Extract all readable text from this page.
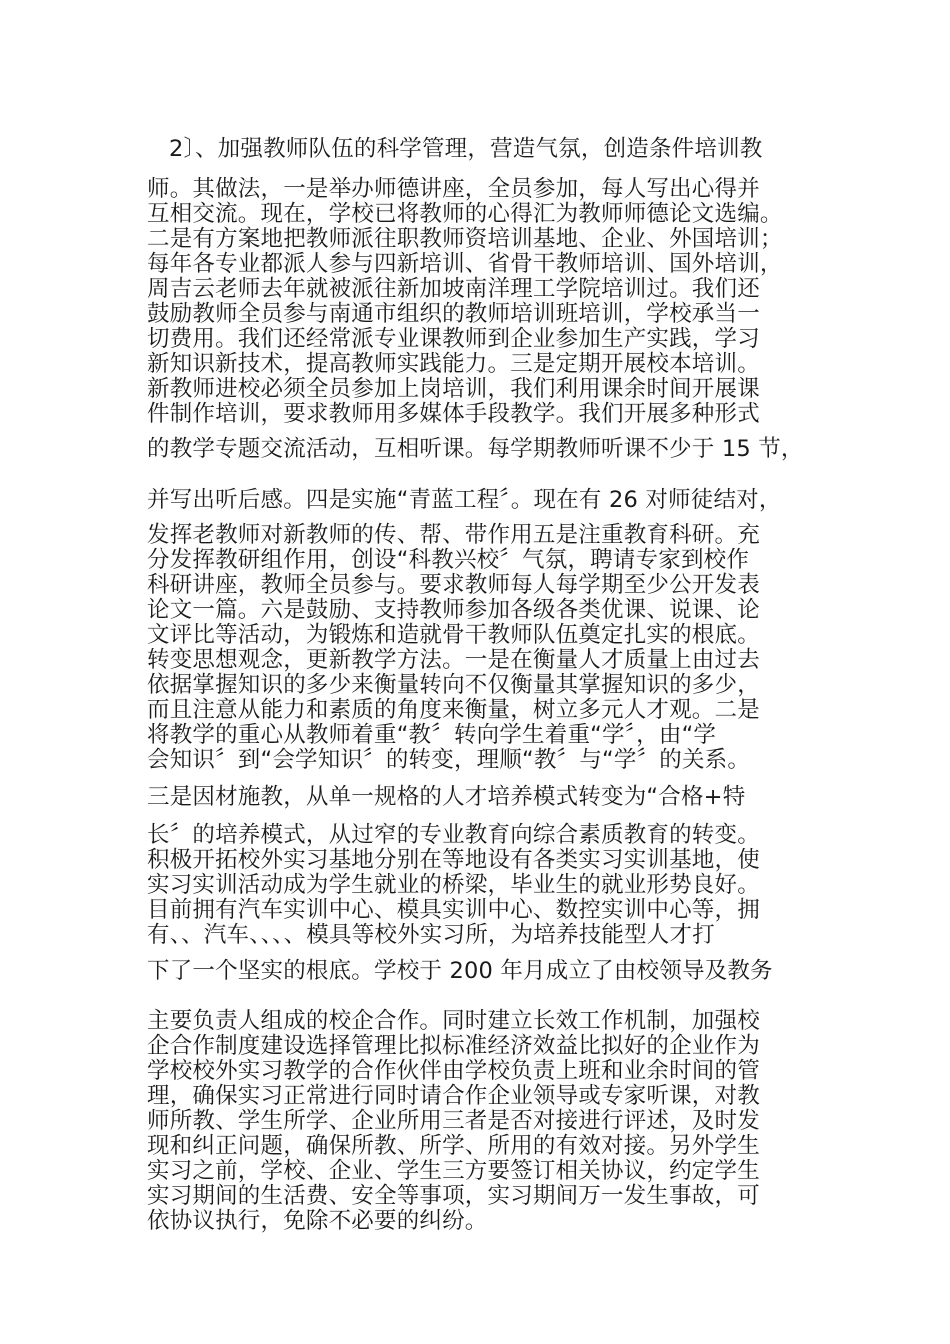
2〕、加强教师队伍的科学管理，营造气氛，创造条件培训教
师。其做法，一是举办师德讲座，全员参加，每人写出心得并
互相交流。现在，学校已将教师的心得汇为教师师德论文选编。
二是有方案地把教师派往职教师资培训基地、企业、外国培训；
每年各专业都派人参与四新培训、省骨干教师培训、国外培训，
周吉云老师去年就被派往新加坡南洋理工学院培训过。我们还
鼓励教师全员参与南通市组织的教师培训班培训，学校承当一
切费用。我们还经常派专业课教师到企业参加生产实践，学习
新知识新技术，提高教师实践能力。三是定期开展校本培训。
新教师进校必须全员参加上岗培训，我们利用课余时间开展课
件制作培训，要求教师用多媒体手段教学。我们开展多种形式
的教学专题交流活动，互相听课。每学期教师听课不少于 15 节，
并写出听后感。四是实施“青蓝工程〞。现在有 26 对师徒结对，
发挥老教师对新教师的传、帮、带作用五是注重教育科研。充
分发挥教研组作用，创设“科教兴校〞气氛，聘请专家到校作
科研讲座，教师全员参与。要求教师每人每学期至少公开发表
论文一篇。六是鼓励、支持教师参加各级各类优课、说课、论
文评比等活动，为锻炼和造就骨干教师队伍奠定扎实的根底。
转变思想观念，更新教学方法。一是在衡量人才质量上由过去
依据掌握知识的多少来衡量转向不仅衡量其掌握知识的多少，
而且注意从能力和素质的角度来衡量，树立多元人才观。二是
将教学的重心从教师着重“教〞转向学生着重“学〞，由“学
会知识〞到“会学知识〞的转变，理顺“教〞与“学〞的关系。
三是因材施教，从单一规格的人才培养模式转变为“合格+特
长〞的培养模式，从过窄的专业教育向综合素质教育的转变。
积极开拓校外实习基地分别在等地设有各类实习实训基地，使
实习实训活动成为学生就业的桥梁，毕业生的就业形势良好。
目前拥有汽车实训中心、模具实训中心、数控实训中心等，拥
有、、汽车、、、、模具等校外实习所，为培养技能型人才打
下了一个坚实的根底。学校于 200 年月成立了由校领导及教务
主要负责人组成的校企合作。同时建立长效工作机制，加强校
企合作制度建设选择管理比拟标准经济效益比拟好的企业作为
学校校外实习教学的合作伙伴由学校负责上班和业余时间的管
理，确保实习正常进行同时请合作企业领导或专家听课，对教
师所教、学生所学、企业所用三者是否对接进行评述，及时发
现和纠正问题，确保所教、所学、所用的有效对接。另外学生
实习之前，学校、企业、学生三方要签订相关协议，约定学生
实习期间的生活费、安全等事项，实习期间万一发生事故，可
依协议执行，免除不必要的纠纷。
